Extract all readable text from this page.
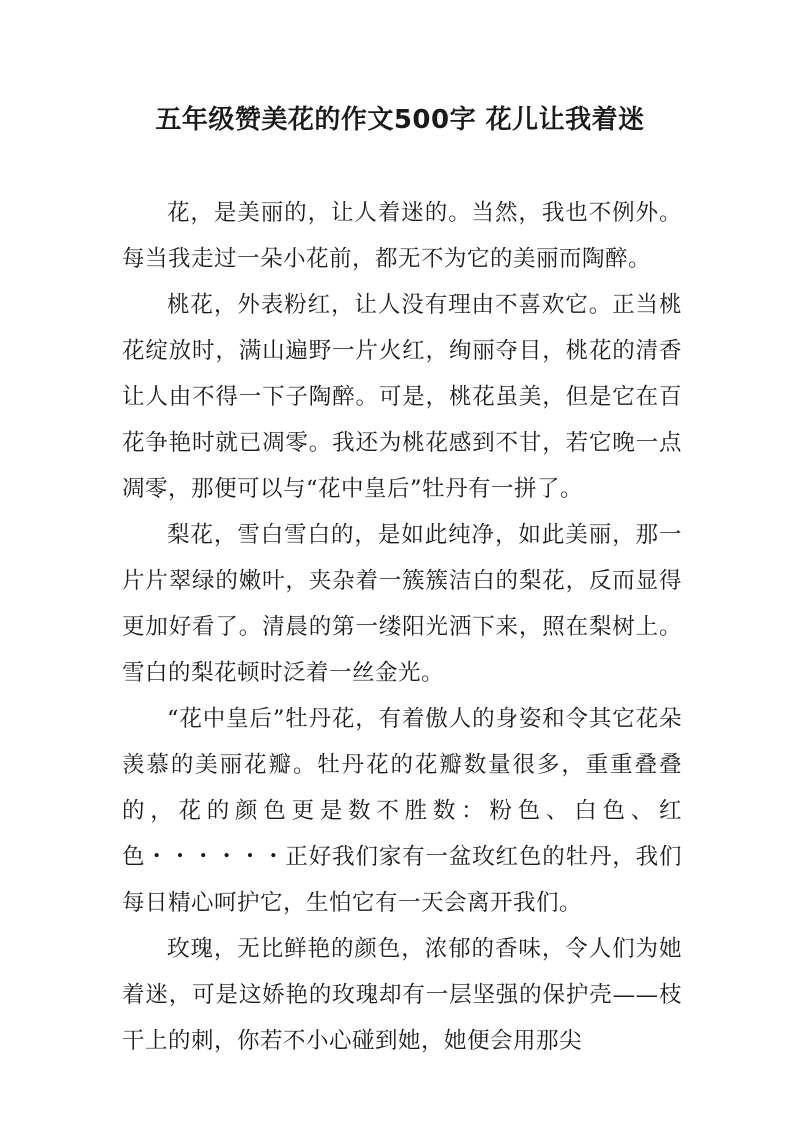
五年级赞美花的作文500字 花儿让我着迷

花，是美丽的，让人着迷的。当然，我也不例外。每当我走过一朵小花前，都无不为它的美丽而陶醉。

桃花，外表粉红，让人没有理由不喜欢它。正当桃花绽放时，满山遍野一片火红，绚丽夺目，桃花的清香让人由不得一下子陶醉。可是，桃花虽美，但是它在百花争艳时就已凋零。我还为桃花感到不甘，若它晚一点凋零，那便可以与“花中皇后”牡丹有一拼了。

梨花，雪白雪白的，是如此纯净，如此美丽，那一片片翠绿的嫩叶，夹杂着一簇簇洁白的梨花，反而显得更加好看了。清晨的第一缕阳光洒下来，照在梨树上。雪白的梨花顿时泛着一丝金光。

“花中皇后”牡丹花，有着傲人的身姿和令其它花朵羡慕的美丽花瓣。牡丹花的花瓣数量很多，重重叠叠的，花的颜色更是数不胜数：粉色、白色、红色・・・・・・正好我们家有一盆玫红色的牡丹，我们每日精心呵护它，生怕它有一天会离开我们。

玫瑰，无比鲜艳的颜色，浓郁的香味，令人们为她着迷，可是这娇艳的玫瑰却有一层坚强的保护壳——枝干上的刺，你若不小心碰到她，她便会用那尖
